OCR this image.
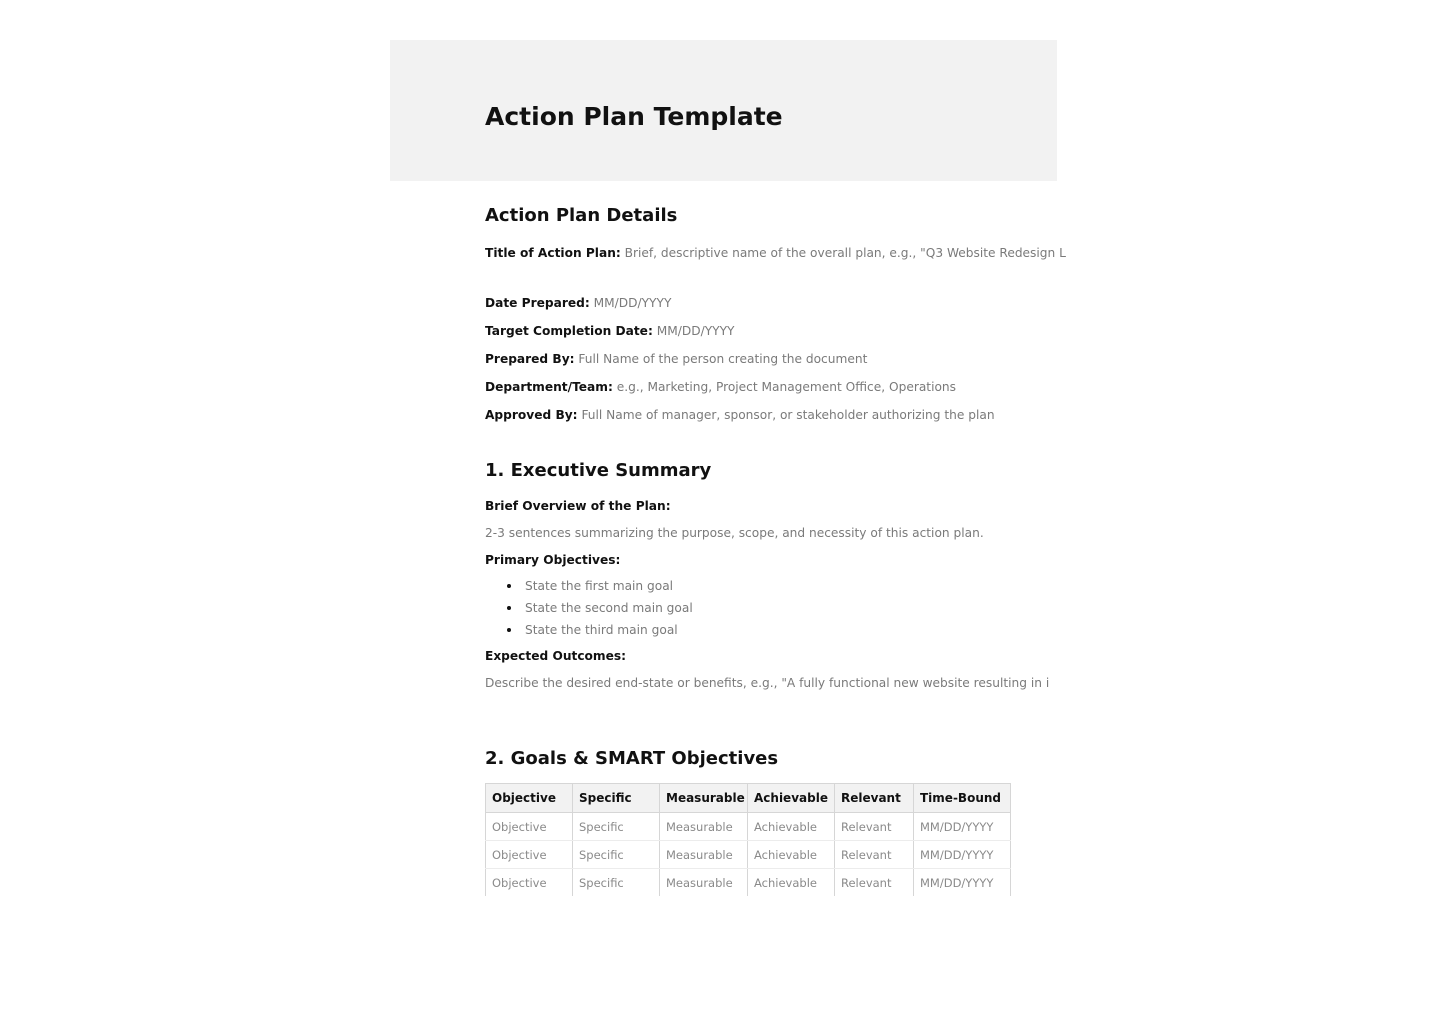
Action Plan Template
Action Plan Details
Title of Action Plan: Brief, descriptive name of the overall plan, e.g., "Q3 Website Redesign L
Date Prepared: MM/DD/YYYY
Target Completion Date: MM/DD/YYYY
Prepared By: Full Name of the person creating the document
Department/Team: e.g., Marketing, Project Management Office, Operations
Approved By: Full Name of manager, sponsor, or stakeholder authorizing the plan
1. Executive Summary
Brief Overview of the Plan:
2-3 sentences summarizing the purpose, scope, and necessity of this action plan.
Primary Objectives:
State the first main goal
State the second main goal
State the third main goal
Expected Outcomes:
Describe the desired end-state or benefits, e.g., "A fully functional new website resulting in i
2. Goals & SMART Objectives
Objective	Specific	Measurable	Achievable	Relevant	Time-Bound
Objective	Specific	Measurable	Achievable	Relevant	MM/DD/YYYY
Objective	Specific	Measurable	Achievable	Relevant	MM/DD/YYYY
Objective	Specific	Measurable	Achievable	Relevant	MM/DD/YYYY
